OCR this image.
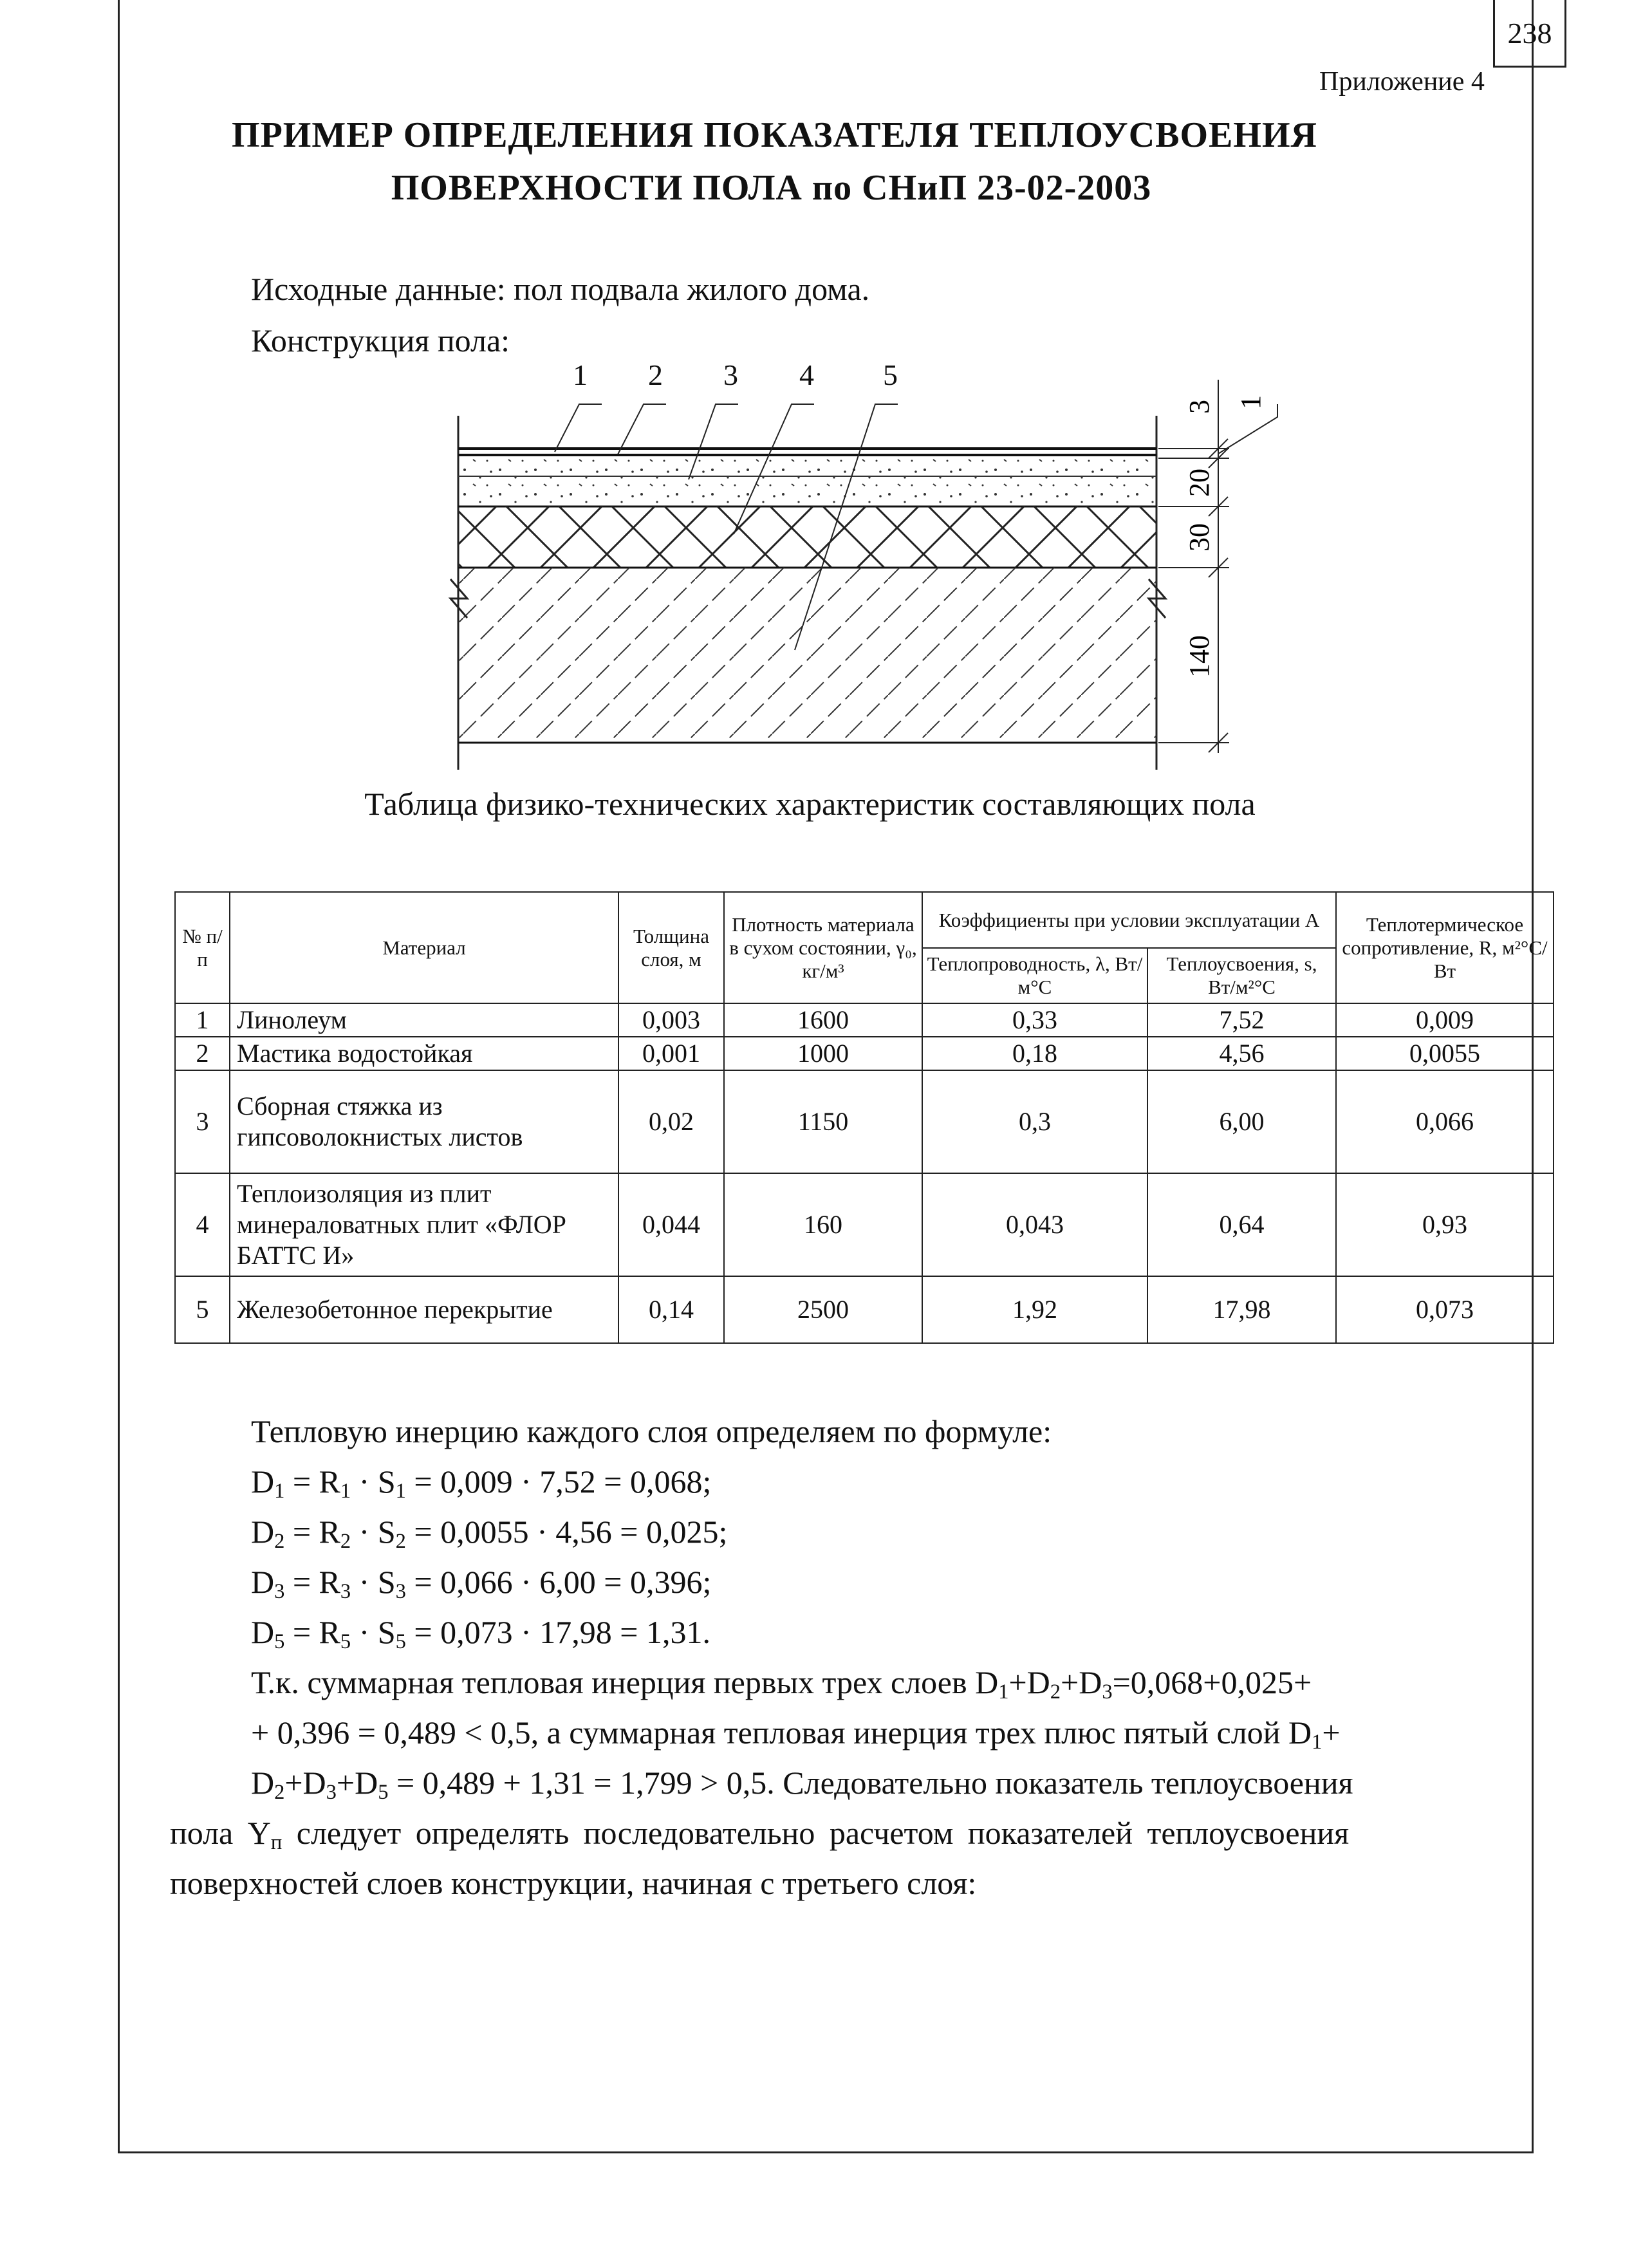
238
Приложение 4
ПРИМЕР ОПРЕДЕЛЕНИЯ ПОКАЗАТЕЛЯ ТЕПЛОУСВОЕНИЯ
ПОВЕРХНОСТИ ПОЛА по СНиП 23-02-2003
Исходные данные: пол подвала жилого дома.
Конструкция пола:
1 2 3 4 5
3 1
20
30
140
Таблица физико-технических характеристик составляющих пола
№ п/п	Материал	Толщина слоя, м	Плотность материала в сухом состоянии, γ₀, кг/м³	Коэффициенты при условии эксплуатации А		Теплотермическое сопротивление, R, м²°С/Вт
				Теплопроводность, λ, Вт/м°С	Теплоусвоения, s, Вт/м²°С	
1	Линолеум	0,003	1600	0,33	7,52	0,009
2	Мастика водостойкая	0,001	1000	0,18	4,56	0,0055
3	Сборная стяжка из гипсоволокнистых листов	0,02	1150	0,3	6,00	0,066
4	Теплоизоляция из плит минераловатных плит «ФЛОР БАТТС И»	0,044	160	0,043	0,64	0,93
5	Железобетонное перекрытие	0,14	2500	1,92	17,98	0,073
Тепловую инерцию каждого слоя определяем по формуле:
$D_1 = R_1 \cdot S_1 = 0,009 \cdot 7,52 = 0,068$;
$D_2 = R_2 \cdot S_2 = 0,0055 \cdot 4,56 = 0,025$;
$D_3 = R_3 \cdot S_3 = 0,066 \cdot 6,00 = 0,396$;
$D_5 = R_5 \cdot S_5 = 0,073 \cdot 17,98 = 1,31$.
Т.к. суммарная тепловая инерция первых трех слоев $D_1+D_2+D_3=0,068+0,025+$
+ 0,396 = 0,489 < 0,5, а суммарная тепловая инерция трех плюс пятый слой $D_1+$
$D_2+D_3+D_5 = 0,489 + 1,31 = 1,799 > 0,5$. Следовательно показатель теплоусвоения
пола $Y_п$ следует определять последовательно расчетом показателей теплоусвоения
поверхностей слоев конструкции, начиная с третьего слоя:
